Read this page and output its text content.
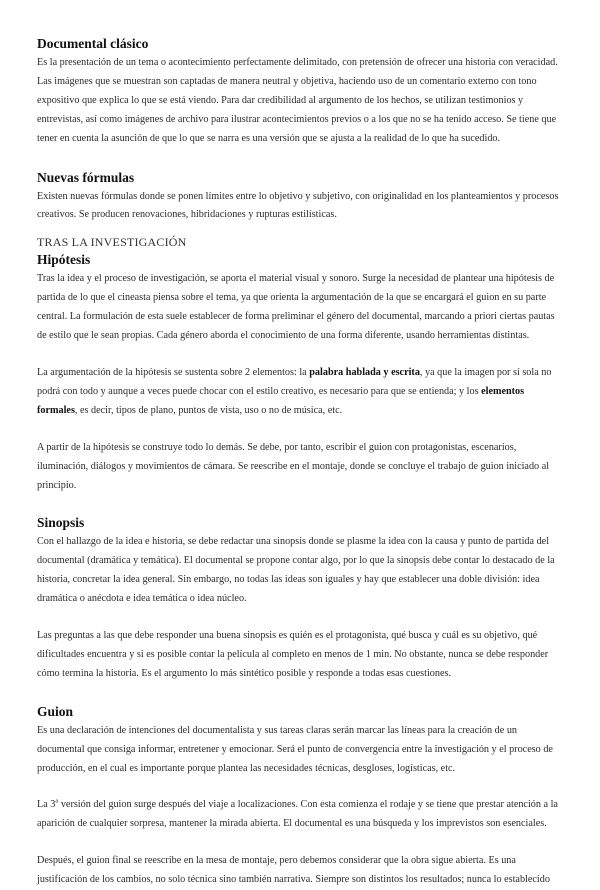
Documental clásico

Es la presentación de un tema o acontecimiento perfectamente delimitado, con pretensión de ofrecer una historia con veracidad. Las imágenes que se muestran son captadas de manera neutral y objetiva, haciendo uso de un comentario externo con tono expositivo que explica lo que se está viendo. Para dar credibilidad al argumento de los hechos, se utilizan testimonios y entrevistas, así como imágenes de archivo para ilustrar acontecimientos previos o a los que no se ha tenido acceso. Se tiene que tener en cuenta la asunción de que lo que se narra es una versión que se ajusta a la realidad de lo que ha sucedido.

Nuevas fórmulas

Existen nuevas fórmulas donde se ponen límites entre lo objetivo y subjetivo, con originalidad en los planteamientos y procesos creativos. Se producen renovaciones, hibridaciones y rupturas estilísticas.

TRAS LA INVESTIGACIÓN

Hipótesis

Tras la idea y el proceso de investigación, se aporta el material visual y sonoro. Surge la necesidad de plantear una hipótesis de partida de lo que el cineasta piensa sobre el tema, ya que orienta la argumentación de la que se encargará el guion en su parte central. La formulación de esta suele establecer de forma preliminar el género del documental, marcando a priori ciertas pautas de estilo que le sean propias. Cada género aborda el conocimiento de una forma diferente, usando herramientas distintas.

La argumentación de la hipótesis se sustenta sobre 2 elementos: la palabra hablada y escrita, ya que la imagen por sí sola no podrá con todo y aunque a veces puede chocar con el estilo creativo, es necesario para que se entienda; y los elementos formales, es decir, tipos de plano, puntos de vista, uso o no de música, etc.

A partir de la hipótesis se construye todo lo demás. Se debe, por tanto, escribir el guion con protagonistas, escenarios, iluminación, diálogos y movimientos de cámara. Se reescribe en el montaje, donde se concluye el trabajo de guion iniciado al principio.

Sinopsis

Con el hallazgo de la idea e historia, se debe redactar una sinopsis donde se plasme la idea con la causa y punto de partida del documental (dramática y temática). El documental se propone contar algo, por lo que la sinopsis debe contar lo destacado de la historia, concretar la idea general. Sin embargo, no todas las ideas son iguales y hay que establecer una doble división: idea dramática o anécdota e idea temática o idea núcleo.

Las preguntas a las que debe responder una buena sinopsis es quién es el protagonista, qué busca y cuál es su objetivo, qué dificultades encuentra y si es posible contar la película al completo en menos de 1 min. No obstante, nunca se debe responder cómo termina la historia. Es el argumento lo más sintético posible y responde a todas esas cuestiones.

Guion

Es una declaración de intenciones del documentalista y sus tareas claras serán marcar las líneas para la creación de un documental que consiga informar, entretener y emocionar. Será el punto de convergencia entre la investigación y el proceso de producción, en el cual es importante porque plantea las necesidades técnicas, desgloses, logísticas, etc.

La 3$^a$ versión del guion surge después del viaje a localizaciones. Con esta comienza el rodaje y se tiene que prestar atención a la aparición de cualquier sorpresa, mantener la mirada abierta. El documental es una búsqueda y los imprevistos son esenciales.

Después, el guion final se reescribe en la mesa de montaje, pero debemos considerar que la obra sigue abierta. Es una justificación de los cambios, no solo técnica sino también narrativa. Siempre son distintos los resultados; nunca lo establecido
